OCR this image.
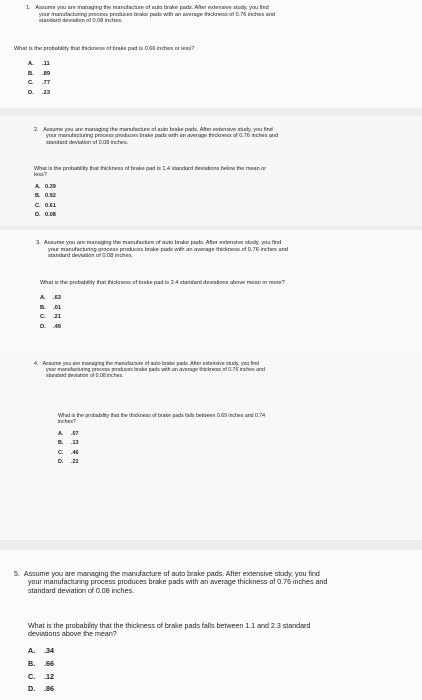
1. Assume you are managing the manufacture of auto brake pads. After extensive study, you find

your manufacturing process produces brake pads with an average thickness of 0.76 inches and

standard deviation of 0.08 inches.

What is the probability that thickness of brake pad is 0.66 inches or less?

A. .11
B. .89
C. .77
D. .23

2. Assume you are managing the manufacture of auto brake pads. After extensive study, you find

your manufacturing process produces brake pads with an average thickness of 0.76 inches and

standard deviation of 0.08 inches.

What is the probability that thickness of brake pad is 1.4 standard deviations below the mean or

less?

A. 0.39
B. 0.92
C. 0.61
D. 0.08

3. Assume you are managing the manufacture of auto brake pads. After extensive study, you find

your manufacturing process produces brake pads with an average thickness of 0.76 inches and

standard deviation of 0.08 inches.

What is the probability that thickness of brake pad is 2.4 standard deviations above mean or more?

A. .63
B. .01
C. .21
D. .49

4. Assume you are managing the manufacture of auto brake pads. After extensive study, you find

your manufacturing process produces brake pads with an average thickness of 0.76 inches and

standard deviation of 0.08 inches.

What is the probability that the thickness of brake pads falls between 0.69 inches and 0.74

inches?

A. .07
B. .13
C. .46
D. .21

5. Assume you are managing the manufacture of auto brake pads. After extensive study, you find

your manufacturing process produces brake pads with an average thickness of 0.76 inches and

standard deviation of 0.08 inches.

What is the probability that the thickness of brake pads falls between 1.1 and 2.3 standard

deviations above the mean?

A. .34
B. .66
C. .12
D. .86
